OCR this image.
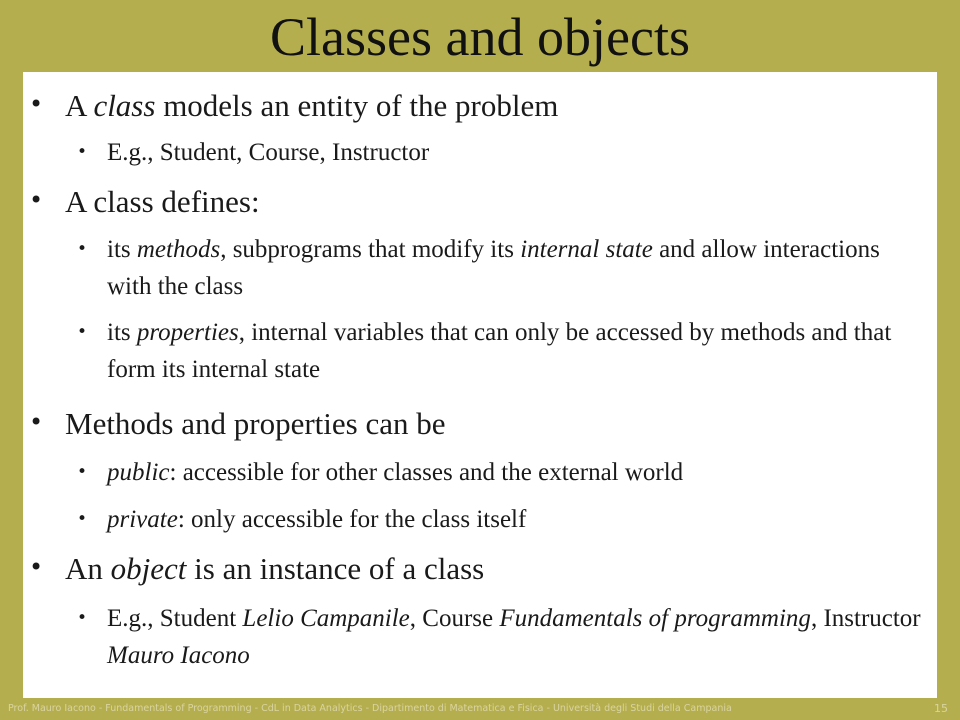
Classes and objects
• A class models an entity of the problem
• E.g., Student, Course, Instructor
• A class defines:
• its methods, subprograms that modify its internal state and allow interactions with the class
• its properties, internal variables that can only be accessed by methods and that form its internal state
• Methods and properties can be
• public: accessible for other classes and the external world
• private: only accessible for the class itself
• An object is an instance of a class
• E.g., Student Lelio Campanile, Course Fundamentals of programming, Instructor Mauro Iacono
Prof. Mauro Iacono - Fundamentals of Programming - CdL in Data Analytics - Dipartimento di Matematica e Fisica - Università degli Studi della Campania	15
